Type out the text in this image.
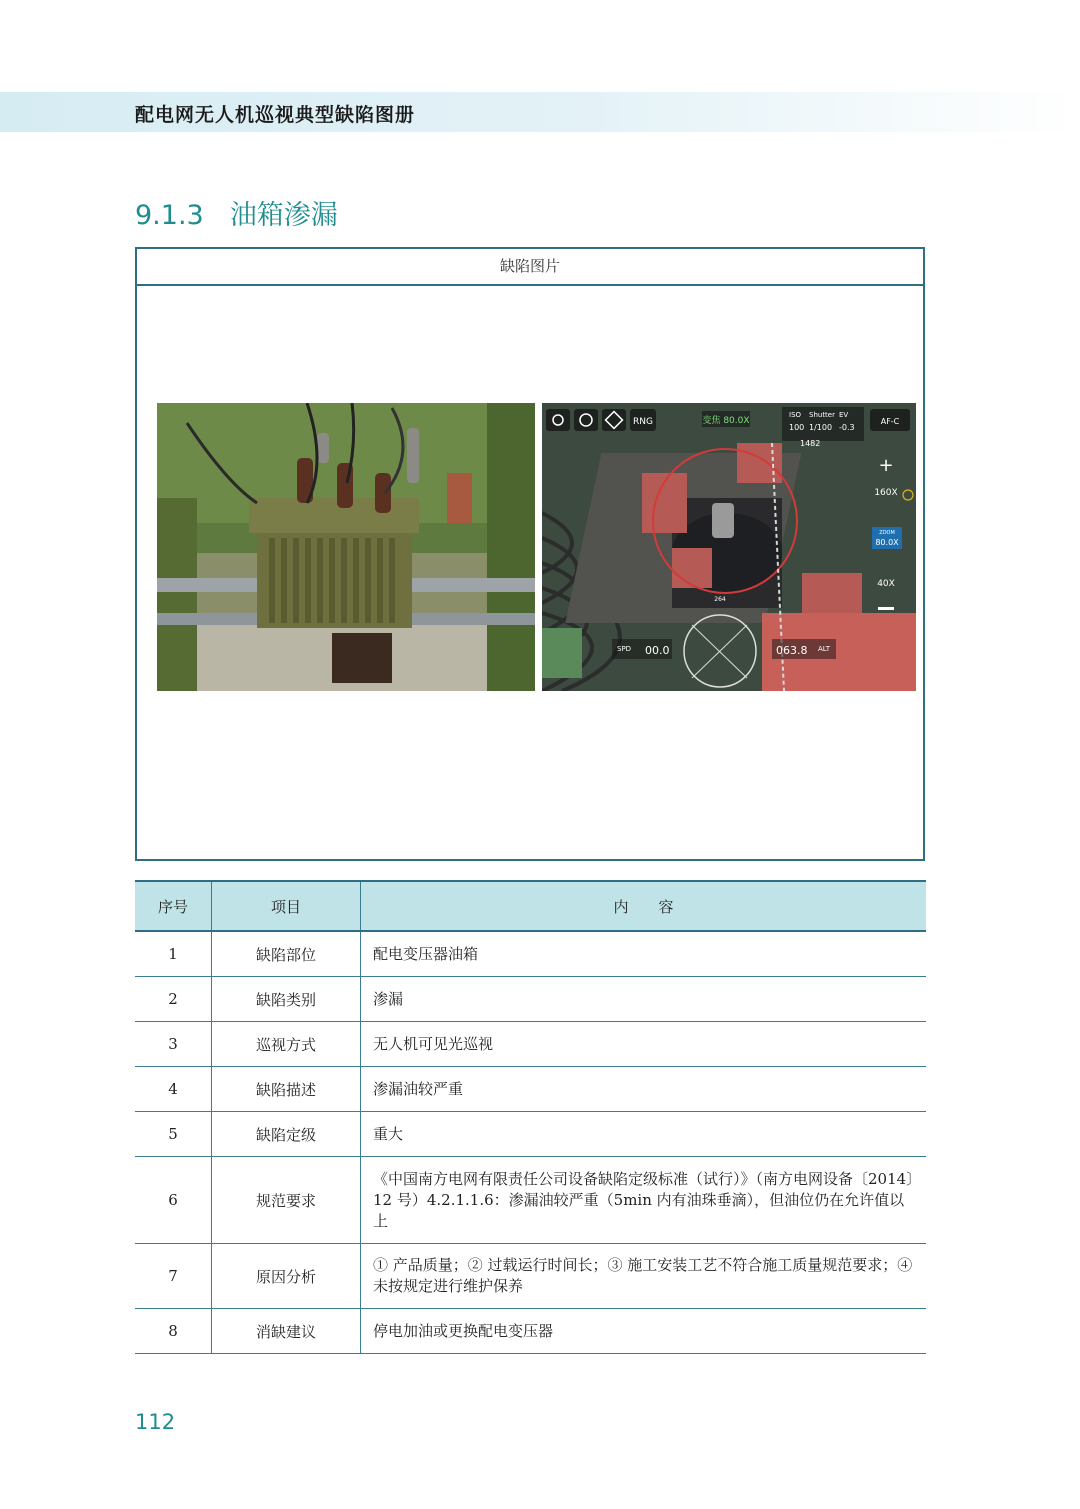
配电网无人机巡视典型缺陷图册
9.1.3 油箱渗漏
缺陷图片
RNG	变焦 80.0X
ISO
100
Shutter
1/100
EV
-0.3
AF-C
1482
+
160X
ZOOM
80.0X
40X
SPD 00.0	063.8 ALT
264
序号	项目	内　　容
1	缺陷部位	配电变压器油箱
2	缺陷类别	渗漏
3	巡视方式	无人机可见光巡视
4	缺陷描述	渗漏油较严重
5	缺陷定级	重大
6	规范要求	《中国南方电网有限责任公司设备缺陷定级标准（试行）》（南方电网设备〔2014〕12 号）4.2.1.1.6：渗漏油较严重（5min 内有油珠垂滴），但油位仍在允许值以上
7	原因分析	① 产品质量；② 过载运行时间长；③ 施工安装工艺不符合施工质量规范要求；④ 未按规定进行维护保养
8	消缺建议	停电加油或更换配电变压器
112
